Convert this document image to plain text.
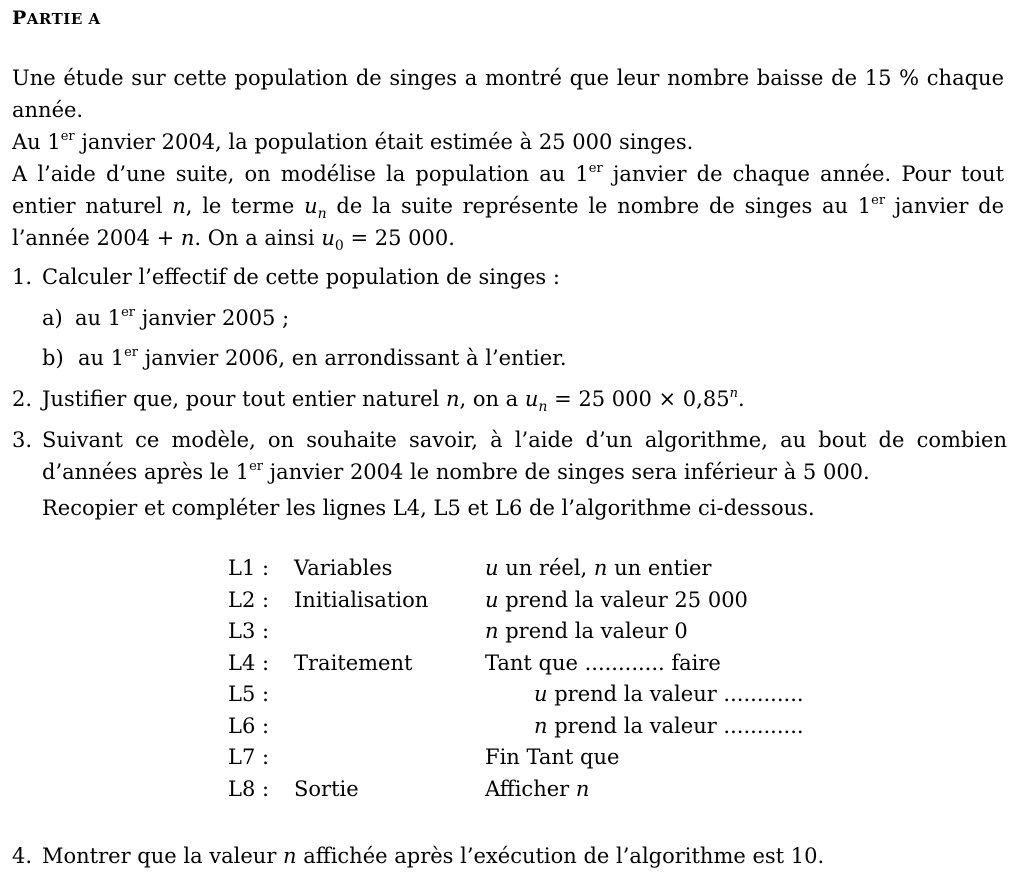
PARTIE A

Une étude sur cette population de singes a montré que leur nombre baisse de 15 % chaque année.

Au 1er janvier 2004, la population était estimée à 25 000 singes.

A l’aide d’une suite, on modélise la population au 1er janvier de chaque année. Pour tout entier naturel n, le terme $u_n$ de la suite représente le nombre de singes au 1er janvier de l’année 2004 + n. On a ainsi $u_0 = 25$ 000.

1. Calculer l’effectif de cette population de singes :
a) au 1er janvier 2005 ;
b) au 1er janvier 2006, en arrondissant à l’entier.
2. Justifier que, pour tout entier naturel n, on a $u_n = 25$ $000 \times 0,85^n$.
3. Suivant ce modèle, on souhaite savoir, à l’aide d’un algorithme, au bout de combien d’années après le 1er janvier 2004 le nombre de singes sera inférieur à 5 000.
Recopier et compléter les lignes L4, L5 et L6 de l’algorithme ci-dessous.
L1 : Variables	u un réel, n un entier
L2 : Initialisation	u prend la valeur 25 000
L3 :	n prend la valeur 0
L4 : Traitement	Tant que ............ faire
L5 :	u prend la valeur ............
L6 :	n prend la valeur ............
L7 :	Fin Tant que
L8 : Sortie	Afficher n
4. Montrer que la valeur n affichée après l’exécution de l’algorithme est 10.
